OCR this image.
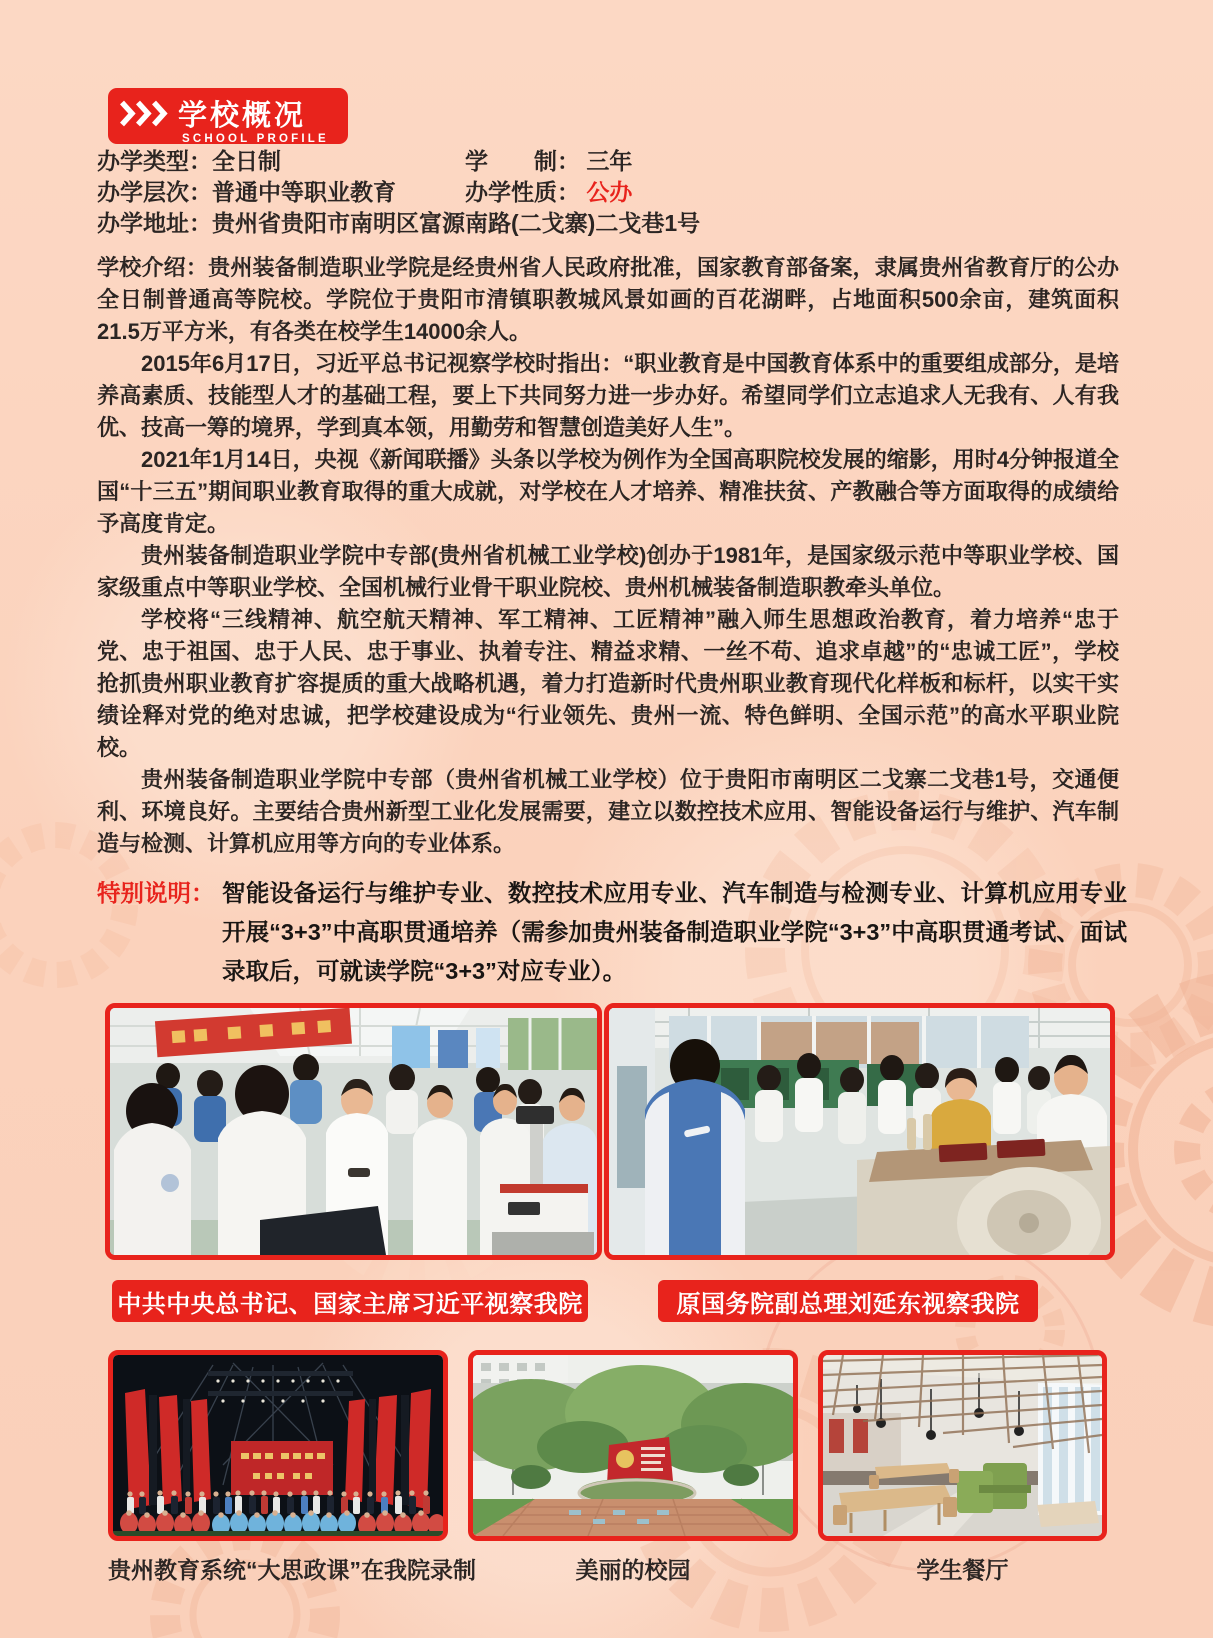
学校概况
SCHOOL PROFILE
办学类型： 全日制	学　　制： 三年
办学层次： 普通中等职业教育	办学性质： 公办
办学地址： 贵州省贵阳市南明区富源南路(二戈寨)二戈巷1号

学校介绍：贵州装备制造职业学院是经贵州省人民政府批准，国家教育部备案，隶属贵州省教育厅的公办全日制普通高等院校。学院位于贵阳市清镇职教城风景如画的百花湖畔，占地面积500余亩，建筑面积21.5万平方米，有各类在校学生14000余人。

2015年6月17日，习近平总书记视察学校时指出：“职业教育是中国教育体系中的重要组成部分，是培养高素质、技能型人才的基础工程，要上下共同努力进一步办好。希望同学们立志追求人无我有、人有我优、技高一筹的境界，学到真本领，用勤劳和智慧创造美好人生”。

2021年1月14日，央视《新闻联播》头条以学校为例作为全国高职院校发展的缩影，用时4分钟报道全国“十三五”期间职业教育取得的重大成就，对学校在人才培养、精准扶贫、产教融合等方面取得的成绩给予高度肯定。

贵州装备制造职业学院中专部(贵州省机械工业学校)创办于1981年，是国家级示范中等职业学校、国家级重点中等职业学校、全国机械行业骨干职业院校、贵州机械装备制造职教牵头单位。

学校将“三线精神、航空航天精神、军工精神、工匠精神”融入师生思想政治教育，着力培养“忠于党、忠于祖国、忠于人民、忠于事业、执着专注、精益求精、一丝不苟、追求卓越”的“忠诚工匠”，学校抢抓贵州职业教育扩容提质的重大战略机遇，着力打造新时代贵州职业教育现代化样板和标杆，以实干实绩诠释对党的绝对忠诚，把学校建设成为“行业领先、贵州一流、特色鲜明、全国示范”的高水平职业院校。

贵州装备制造职业学院中专部（贵州省机械工业学校）位于贵阳市南明区二戈寨二戈巷1号，交通便利、环境良好。主要结合贵州新型工业化发展需要，建立以数控技术应用、智能设备运行与维护、汽车制造与检测、计算机应用等方向的专业体系。

特别说明： 智能设备运行与维护专业、数控技术应用专业、汽车制造与检测专业、计算机应用专业开展“3+3”中高职贯通培养（需参加贵州装备制造职业学院“3+3”中高职贯通考试、面试录取后，可就读学院“3+3”对应专业）。
中共中央总书记、国家主席习近平视察我院	原国务院副总理刘延东视察我院
贵州教育系统“大思政课”在我院录制	美丽的校园	学生餐厅
